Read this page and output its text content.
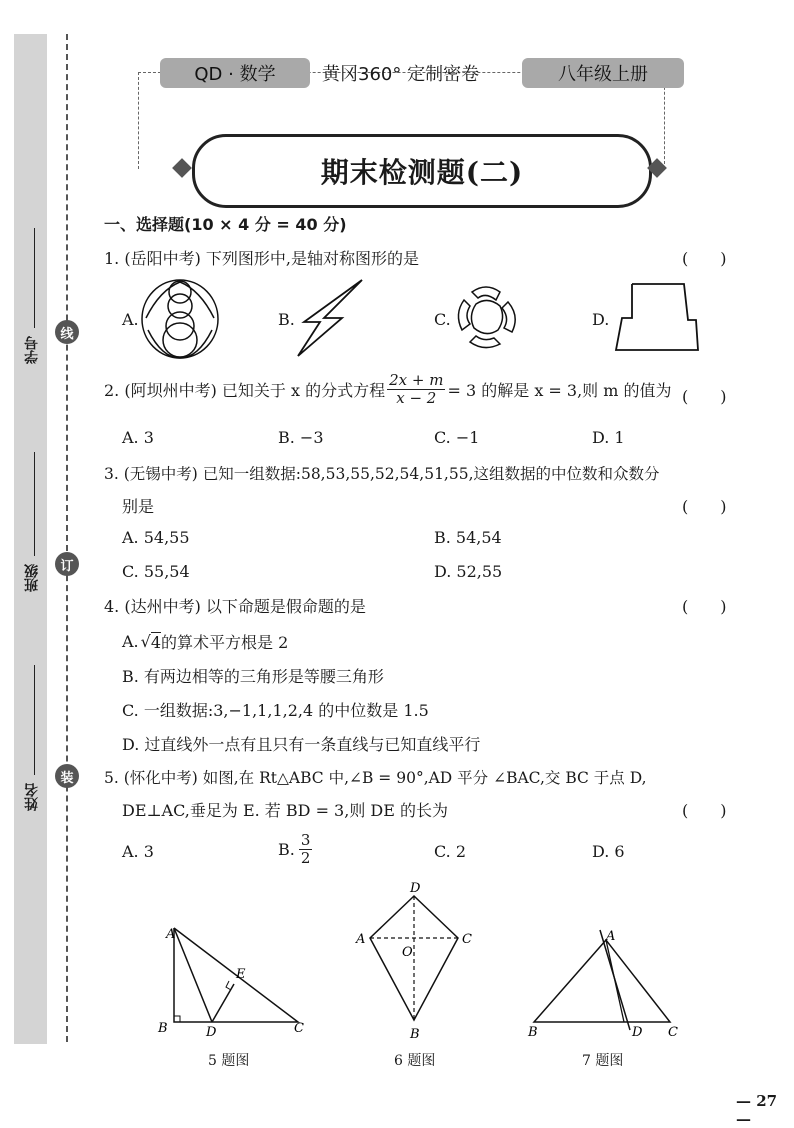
线
订
装
学号
班级
姓名
QD · 数学	黄冈360° 定制密卷	八年级上册
期末检测题(二)
一、选择题(10 × 4 分 = 40 分)
1. (岳阳中考) 下列图形中,是轴对称图形的是	(　　)
A.	B.	C.	D.
2. (阿坝州中考) 已知关于 x 的分式方程 $\frac{2x + m}{x - 2} = 3$ 的解是 x = 3,则 m 的值为 (　　)
A. 3	B. −3	C. −1	D. 1
3. (无锡中考) 已知一组数据:58,53,55,52,54,51,55,这组数据的中位数和众数分
别是	(　　)
A. 54,55	B. 54,54
C. 55,54	D. 52,55
4. (达州中考) 以下命题是假命题的是	(　　)
A. √ 4 的算术平方根是 2
B. 有两边相等的三角形是等腰三角形
C. 一组数据:3,−1,1,1,2,4 的中位数是 1.5
D. 过直线外一点有且只有一条直线与已知直线平行
5. (怀化中考) 如图,在 Rt△ABC 中,∠B = 90°,AD 平分 ∠BAC,交 BC 于点 D,
DE⊥AC,垂足为 E. 若 BD = 3,则 DE 的长为	(　　)
A. 3	B. $\frac{3}{2}$	C. 2	D. 6
A
E
B	D	C
5 题图
D
A	C
O
B
6 题图
A
B	D C
7 题图
— 27 —
